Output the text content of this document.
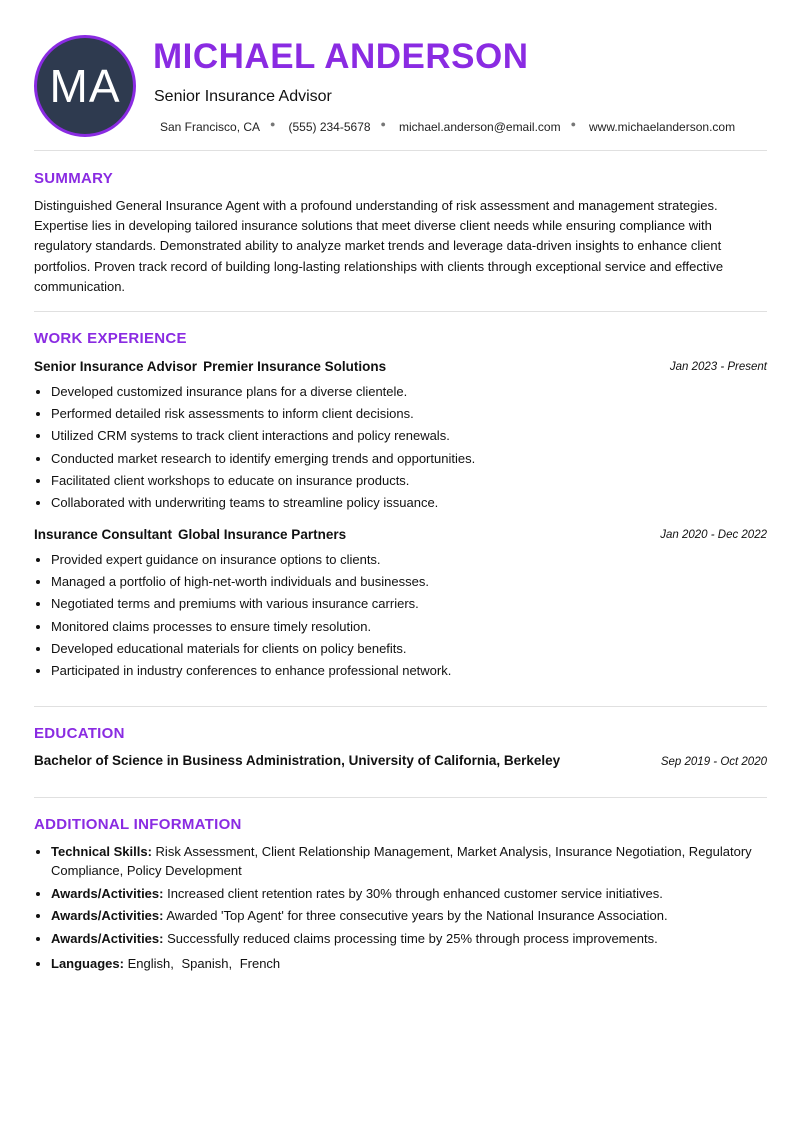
MA
MICHAEL ANDERSON
Senior Insurance Advisor
San Francisco, CA ● (555) 234-5678 ● michael.anderson@email.com ● www.michaelanderson.com
SUMMARY
Distinguished General Insurance Agent with a profound understanding of risk assessment and management strategies. Expertise lies in developing tailored insurance solutions that meet diverse client needs while ensuring compliance with regulatory standards. Demonstrated ability to analyze market trends and leverage data-driven insights to enhance client portfolios. Proven track record of building long-lasting relationships with clients through exceptional service and effective communication.
WORK EXPERIENCE
Senior Insurance Advisor Premier Insurance Solutions	Jan 2023 - Present
• Developed customized insurance plans for a diverse clientele.
• Performed detailed risk assessments to inform client decisions.
• Utilized CRM systems to track client interactions and policy renewals.
• Conducted market research to identify emerging trends and opportunities.
• Facilitated client workshops to educate on insurance products.
• Collaborated with underwriting teams to streamline policy issuance.
Insurance Consultant Global Insurance Partners	Jan 2020 - Dec 2022
• Provided expert guidance on insurance options to clients.
• Managed a portfolio of high-net-worth individuals and businesses.
• Negotiated terms and premiums with various insurance carriers.
• Monitored claims processes to ensure timely resolution.
• Developed educational materials for clients on policy benefits.
• Participated in industry conferences to enhance professional network.
EDUCATION
Bachelor of Science in Business Administration, University of California, Berkeley	Sep 2019 - Oct 2020
ADDITIONAL INFORMATION
• Technical Skills: Risk Assessment, Client Relationship Management, Market Analysis, Insurance Negotiation, Regulatory Compliance, Policy Development
• Awards/Activities: Increased client retention rates by 30% through enhanced customer service initiatives.
• Awards/Activities: Awarded 'Top Agent' for three consecutive years by the National Insurance Association.
• Awards/Activities: Successfully reduced claims processing time by 25% through process improvements.
• Languages: English, Spanish, French
